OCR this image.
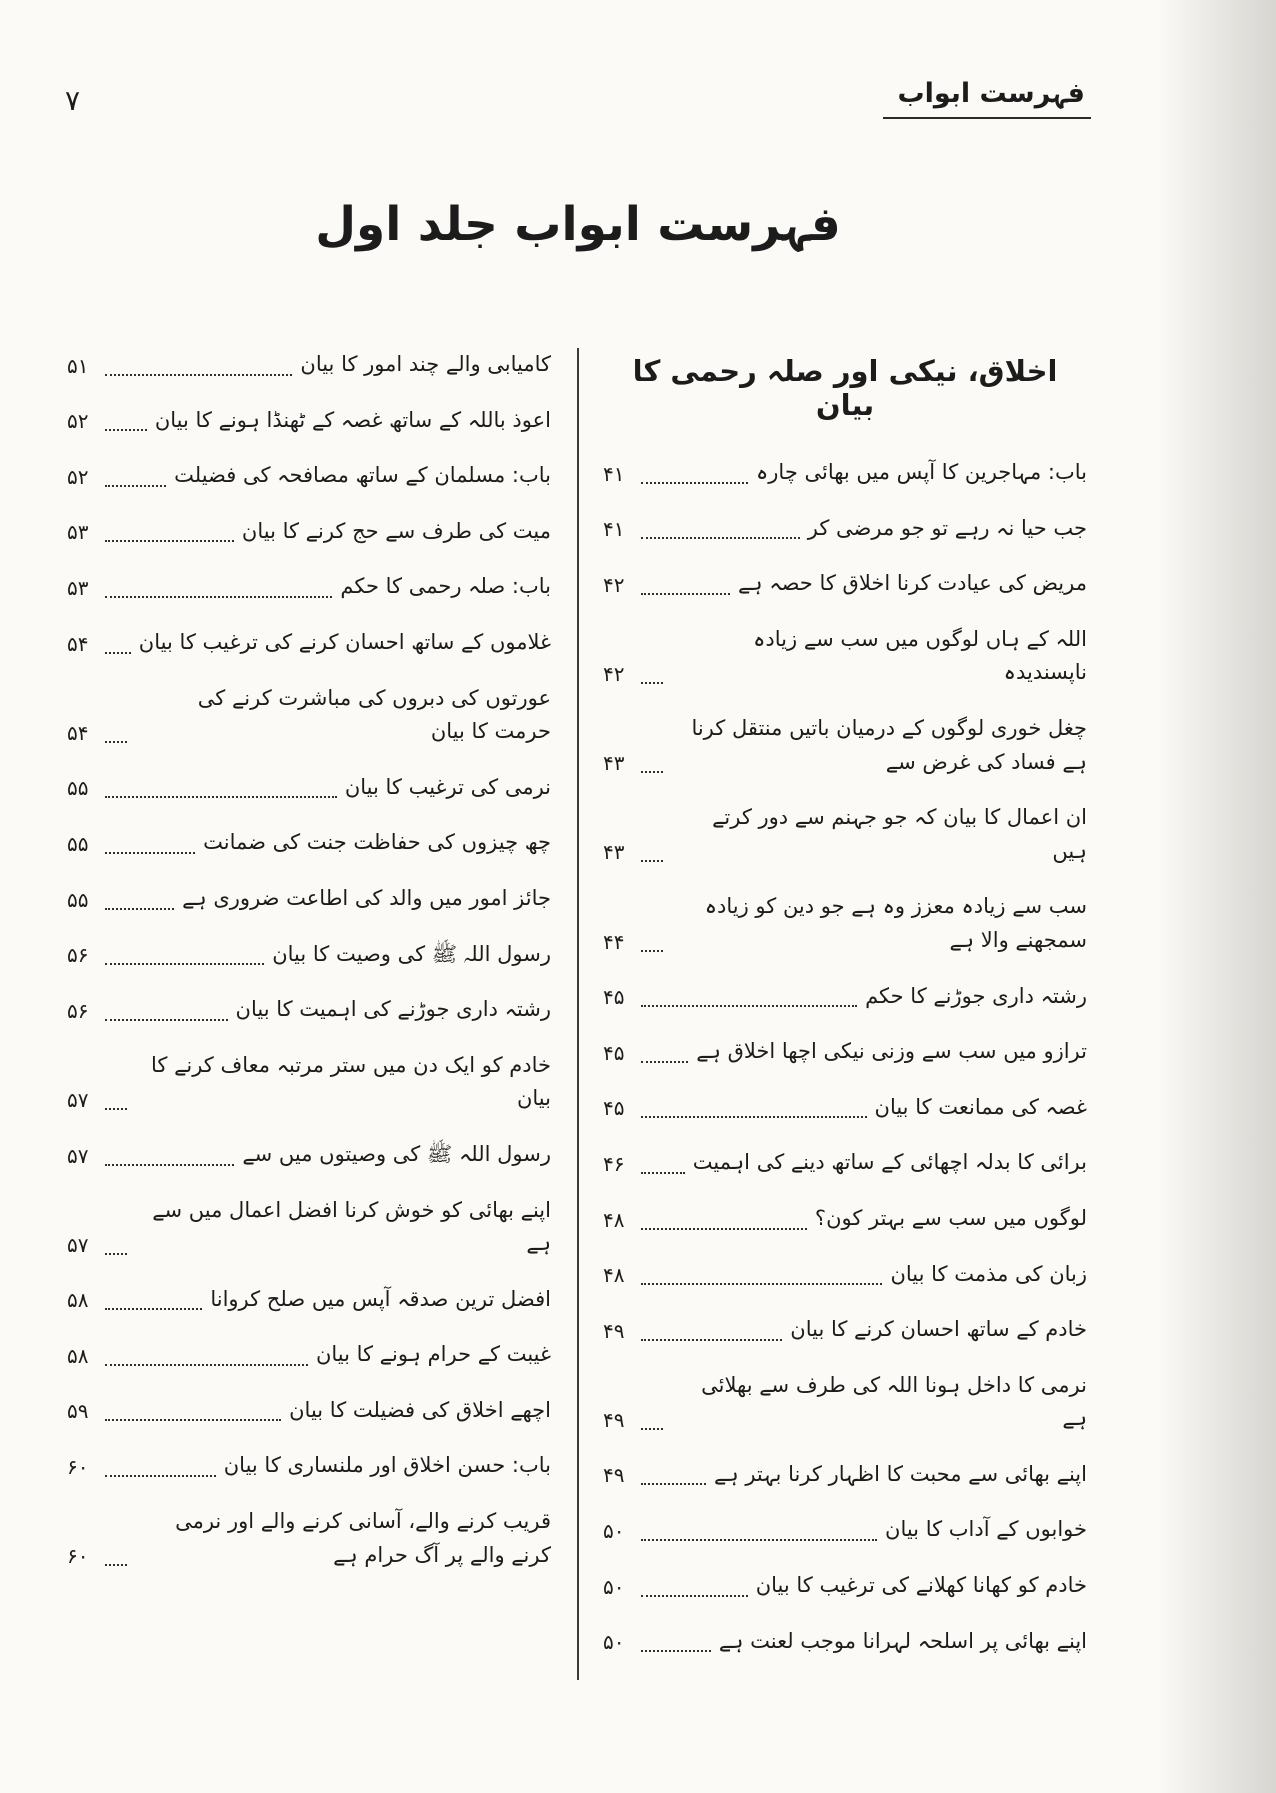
فہرست ابواب
۷
فہرست ابواب جلد اول
اخلاق، نیکی اور صلہ رحمی کا بیان
باب: مہاجرین کا آپس میں بھائی چارہ
۴۱
جب حیا نہ رہے تو جو مرضی کر
۴۱
مریض کی عیادت کرنا اخلاق کا حصہ ہے
۴۲
اللہ کے ہاں لوگوں میں سب سے زیادہ ناپسندیدہ
۴۲
چغل خوری لوگوں کے درمیان باتیں منتقل کرنا ہے فساد کی غرض سے
۴۳
ان اعمال کا بیان کہ جو جہنم سے دور کرتے ہیں
۴۳
سب سے زیادہ معزز وہ ہے جو دین کو زیادہ سمجھنے والا ہے
۴۴
رشتہ داری جوڑنے کا حکم
۴۵
ترازو میں سب سے وزنی نیکی اچھا اخلاق ہے
۴۵
غصہ کی ممانعت کا بیان
۴۵
برائی کا بدلہ اچھائی کے ساتھ دینے کی اہمیت
۴۶
لوگوں میں سب سے بہتر کون؟
۴۸
زبان کی مذمت کا بیان
۴۸
خادم کے ساتھ احسان کرنے کا بیان
۴۹
نرمی کا داخل ہونا اللہ کی طرف سے بھلائی ہے
۴۹
اپنے بھائی سے محبت کا اظہار کرنا بہتر ہے
۴۹
خوابوں کے آداب کا بیان
۵۰
خادم کو کھانا کھلانے کی ترغیب کا بیان
۵۰
اپنے بھائی پر اسلحہ لہرانا موجب لعنت ہے
۵۰
کامیابی والے چند امور کا بیان
۵۱
اعوذ باللہ کے ساتھ غصہ کے ٹھنڈا ہونے کا بیان
۵۲
باب: مسلمان کے ساتھ مصافحہ کی فضیلت
۵۲
میت کی طرف سے حج کرنے کا بیان
۵۳
باب: صلہ رحمی کا حکم
۵۳
غلاموں کے ساتھ احسان کرنے کی ترغیب کا بیان
۵۴
عورتوں کی دبروں کی مباشرت کرنے کی حرمت کا بیان
۵۴
نرمی کی ترغیب کا بیان
۵۵
چھ چیزوں کی حفاظت جنت کی ضمانت
۵۵
جائز امور میں والد کی اطاعت ضروری ہے
۵۵
رسول اللہ ﷺ کی وصیت کا بیان
۵۶
رشتہ داری جوڑنے کی اہمیت کا بیان
۵۶
خادم کو ایک دن میں ستر مرتبہ معاف کرنے کا بیان
۵۷
رسول اللہ ﷺ کی وصیتوں میں سے
۵۷
اپنے بھائی کو خوش کرنا افضل اعمال میں سے ہے
۵۷
افضل ترین صدقہ آپس میں صلح کروانا
۵۸
غیبت کے حرام ہونے کا بیان
۵۸
اچھے اخلاق کی فضیلت کا بیان
۵۹
باب: حسن اخلاق اور ملنساری کا بیان
۶۰
قریب کرنے والے، آسانی کرنے والے اور نرمی کرنے والے پر آگ حرام ہے
۶۰
